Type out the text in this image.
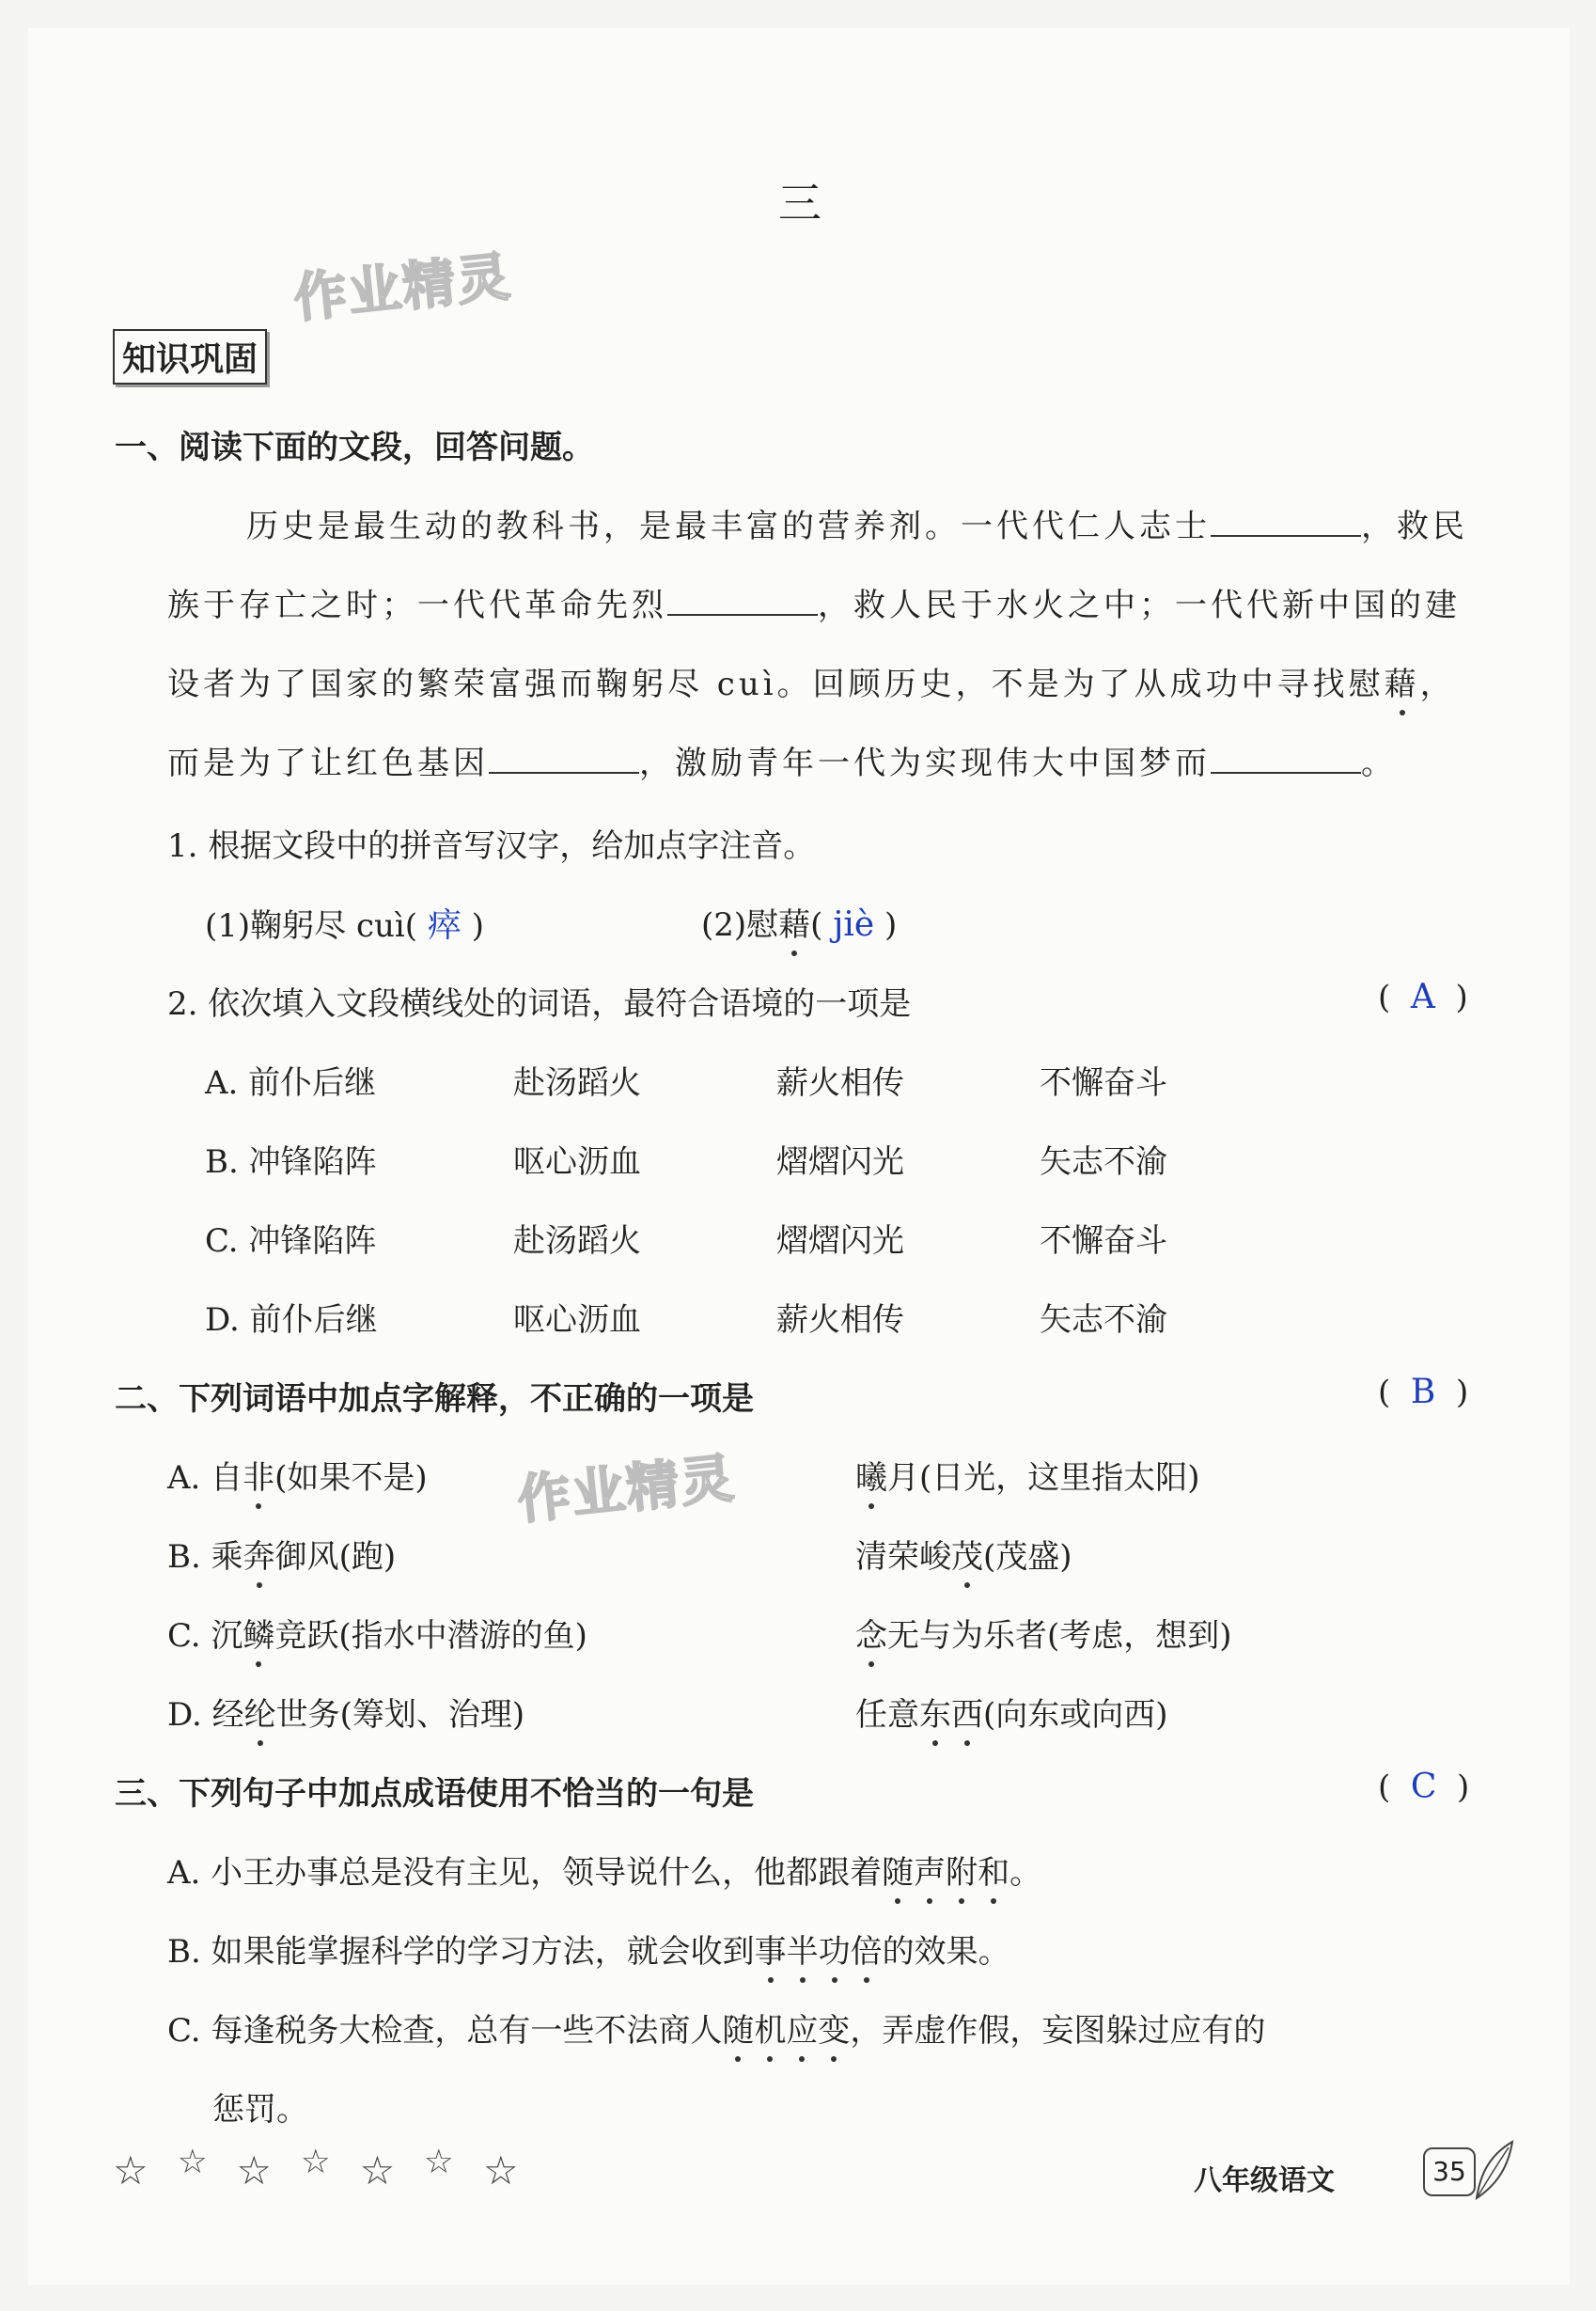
三
作业精灵
作业精灵
知识巩固
一、阅读下面的文段，回答问题。
历史是最生动的教科书，是最丰富的营养剂。一代代仁人志士	，救民
族于存亡之时；一代代革命先烈	，救人民于水火之中；一代代新中国的建
设者为了国家的繁荣富强而鞠躬尽 cuì。回顾历史，不是为了从成功中寻找慰藉，
而是为了让红色基因	，激励青年一代为实现伟大中国梦而	。
1. 根据文段中的拼音写汉字，给加点字注音。
(1)鞠躬尽 cuì( 瘁 )	(2)慰藉( jiè )
2. 依次填入文段横线处的词语，最符合语境的一项是	(  A  )
A. 前仆后继	赴汤蹈火	薪火相传	不懈奋斗
B. 冲锋陷阵	呕心沥血	熠熠闪光	矢志不渝
C. 冲锋陷阵	赴汤蹈火	熠熠闪光	不懈奋斗
D. 前仆后继	呕心沥血	薪火相传	矢志不渝
二、下列词语中加点字解释，不正确的一项是	(  B  )
A. 自非(如果不是)	曦月(日光，这里指太阳)
B. 乘奔御风(跑)	清荣峻茂(茂盛)
C. 沉鳞竞跃(指水中潜游的鱼)	念无与为乐者(考虑，想到)
D. 经纶世务(筹划、治理)	任意东西(向东或向西)
三、下列句子中加点成语使用不恰当的一句是	(  C  )
A. 小王办事总是没有主见，领导说什么，他都跟着随声附和。
B. 如果能掌握科学的学习方法，就会收到事半功倍的效果。
C. 每逢税务大检查，总有一些不法商人随机应变，弄虚作假，妄图躲过应有的
惩罚。
☆ ☆ ☆ ☆ ☆ ☆ ☆	八年级语文	35
